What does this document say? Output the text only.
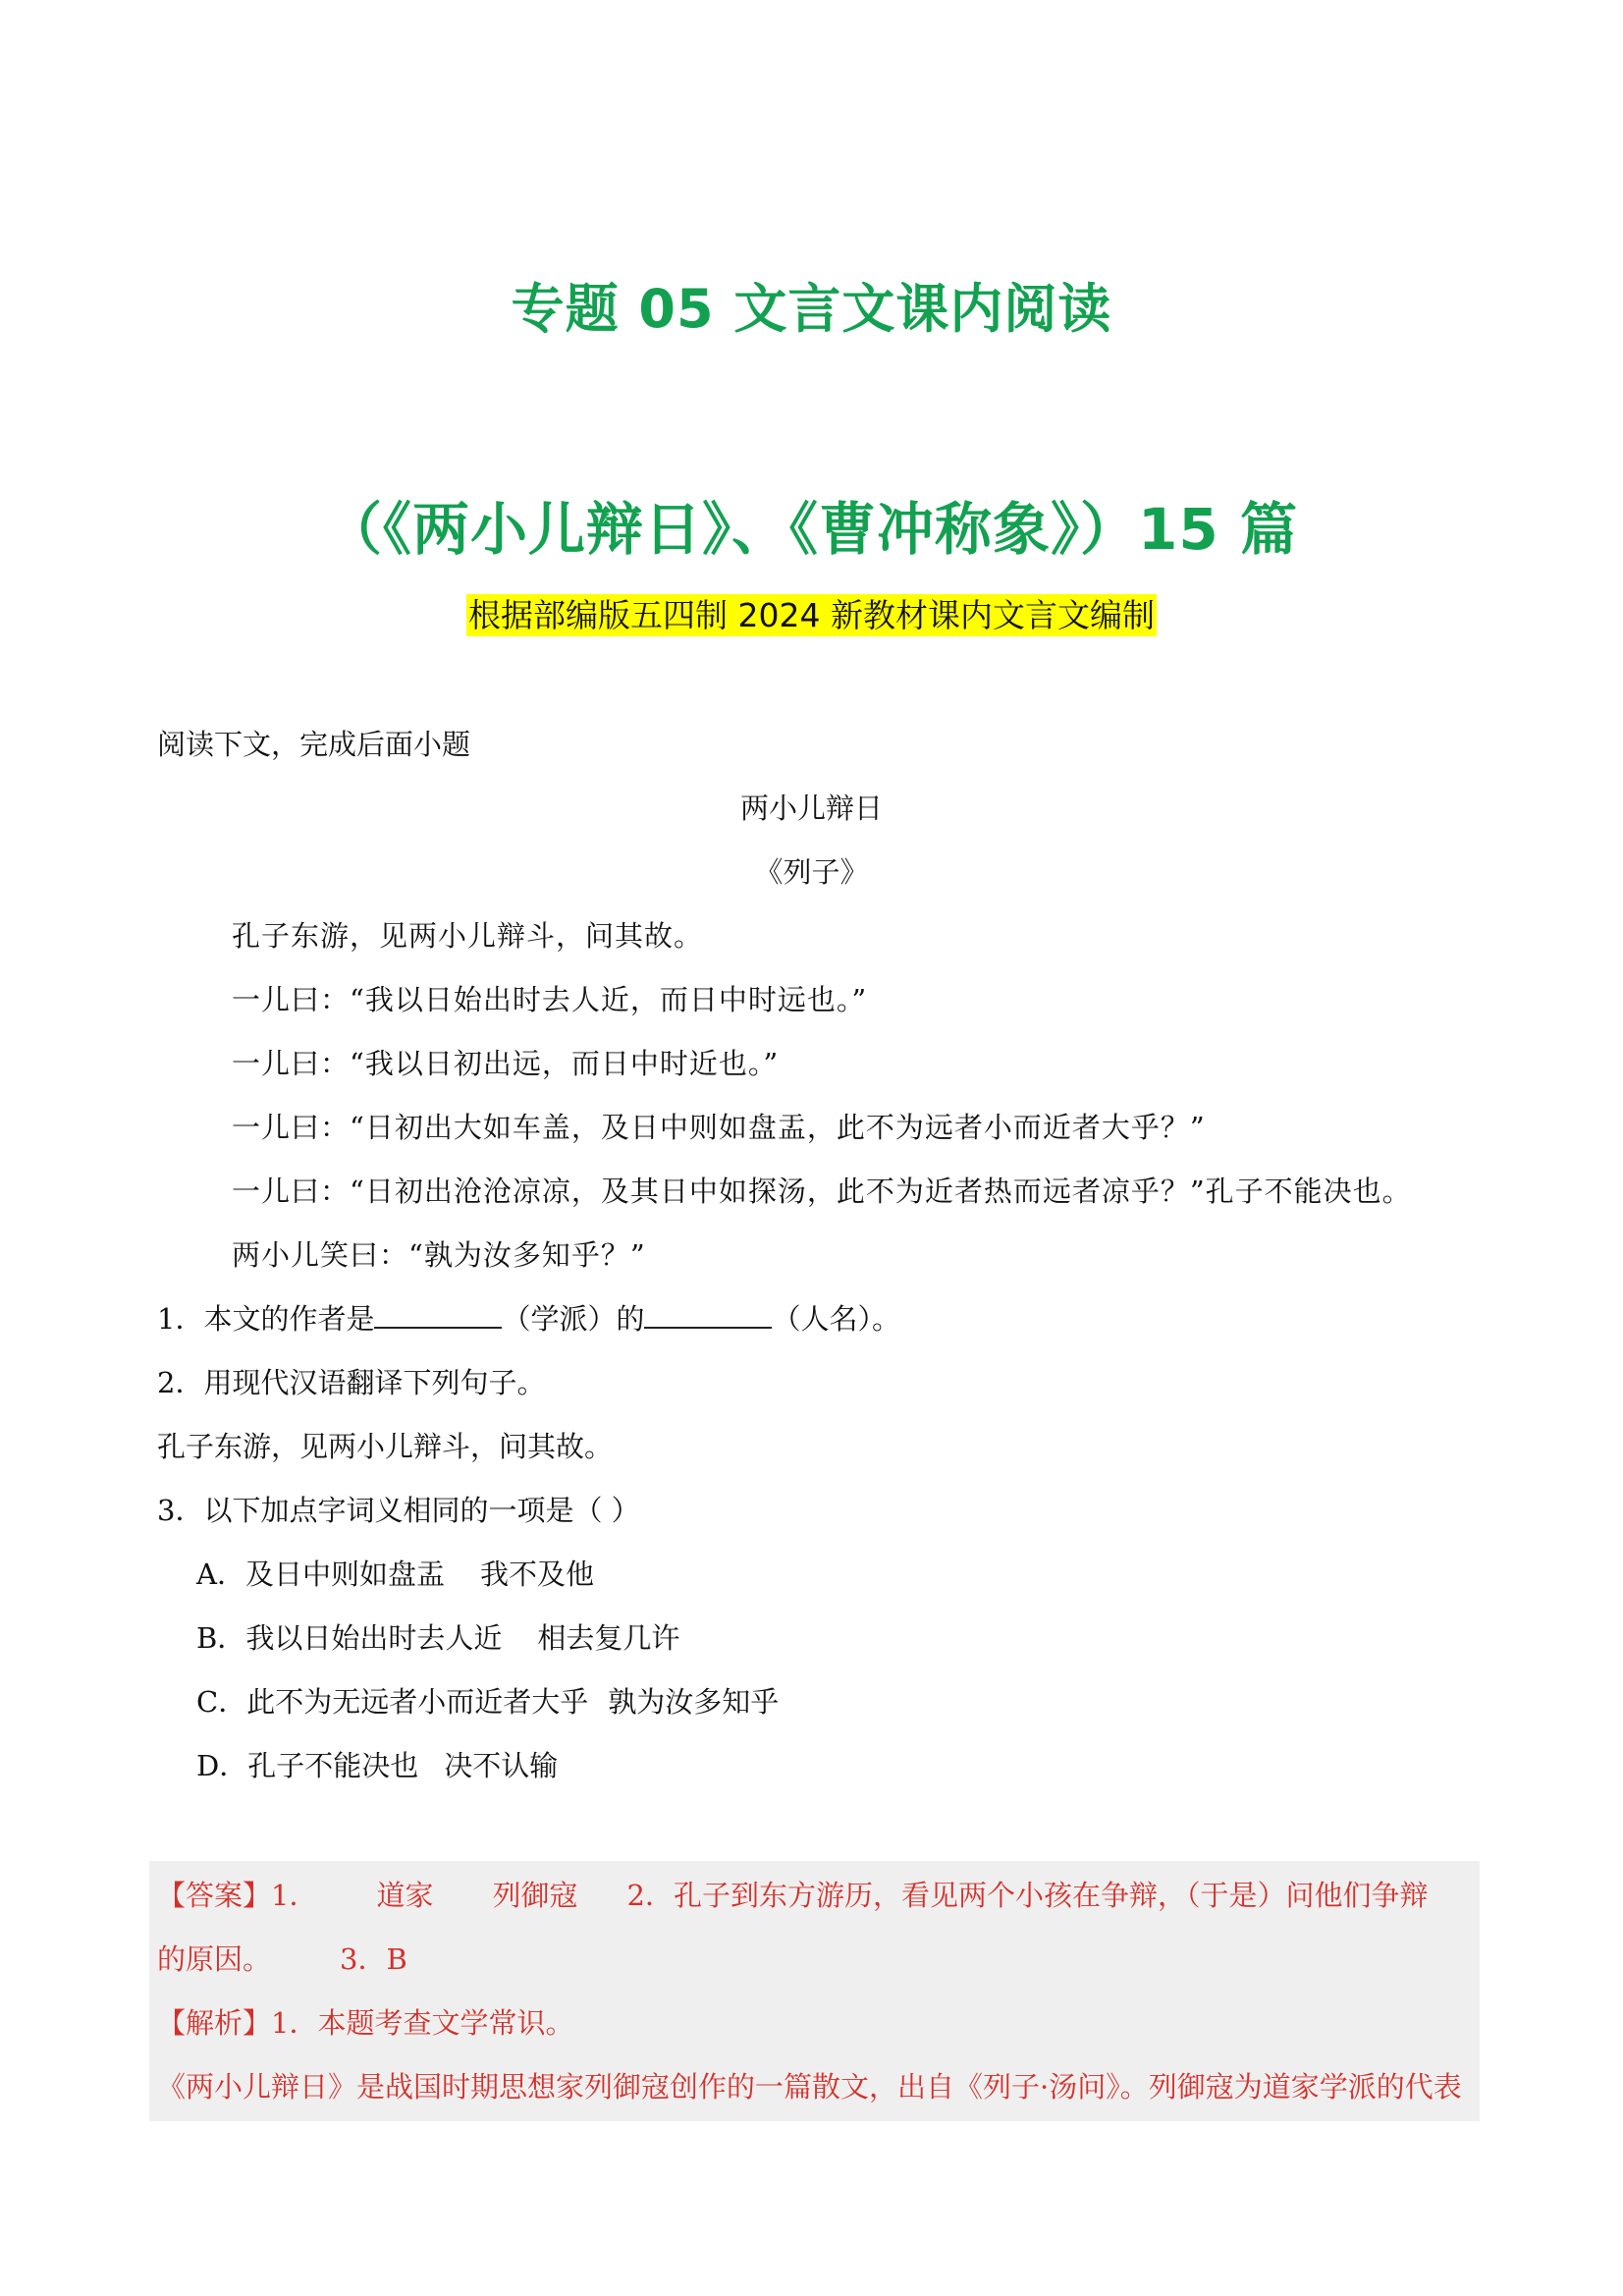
专题 05 文言文课内阅读
（《两小儿辩日》、《曹冲称象》）15 篇
根据部编版五四制 2024 新教材课内文言文编制
阅读下文，完成后面小题
两小儿辩日
《列子》
孔子东游，见两小儿辩斗，问其故。
一儿曰：“我以日始出时去人近，而日中时远也。”
一儿曰：“我以日初出远，而日中时近也。”
一儿曰：“日初出大如车盖，及日中则如盘盂，此不为远者小而近者大乎？”
一儿曰：“日初出沧沧凉凉，及其日中如探汤，此不为近者热而远者凉乎？”孔子不能决也。
两小儿笑曰：“孰为汝多知乎？”
1．本文的作者是	（学派）的	（人名）。
2．用现代汉语翻译下列句子。
孔子东游，见两小儿辩斗，问其故。
3．以下加点字词义相同的一项是（ ）
A．及日中则如盘盂 我不及他
B．我以日始出时去人近 相去复几许
C．此不为无远者小而近者大乎 孰为汝多知乎
D．孔子不能决也 决不认输
【答案】1． 道家 列御寇 2．孔子到东方游历，看见两个小孩在争辩，（于是）问他们争辩
的原因。 3．B
【解析】1．本题考查文学常识。
《两小儿辩日》是战国时期思想家列御寇创作的一篇散文，出自《列子·汤问》。列御寇为道家学派的代表
